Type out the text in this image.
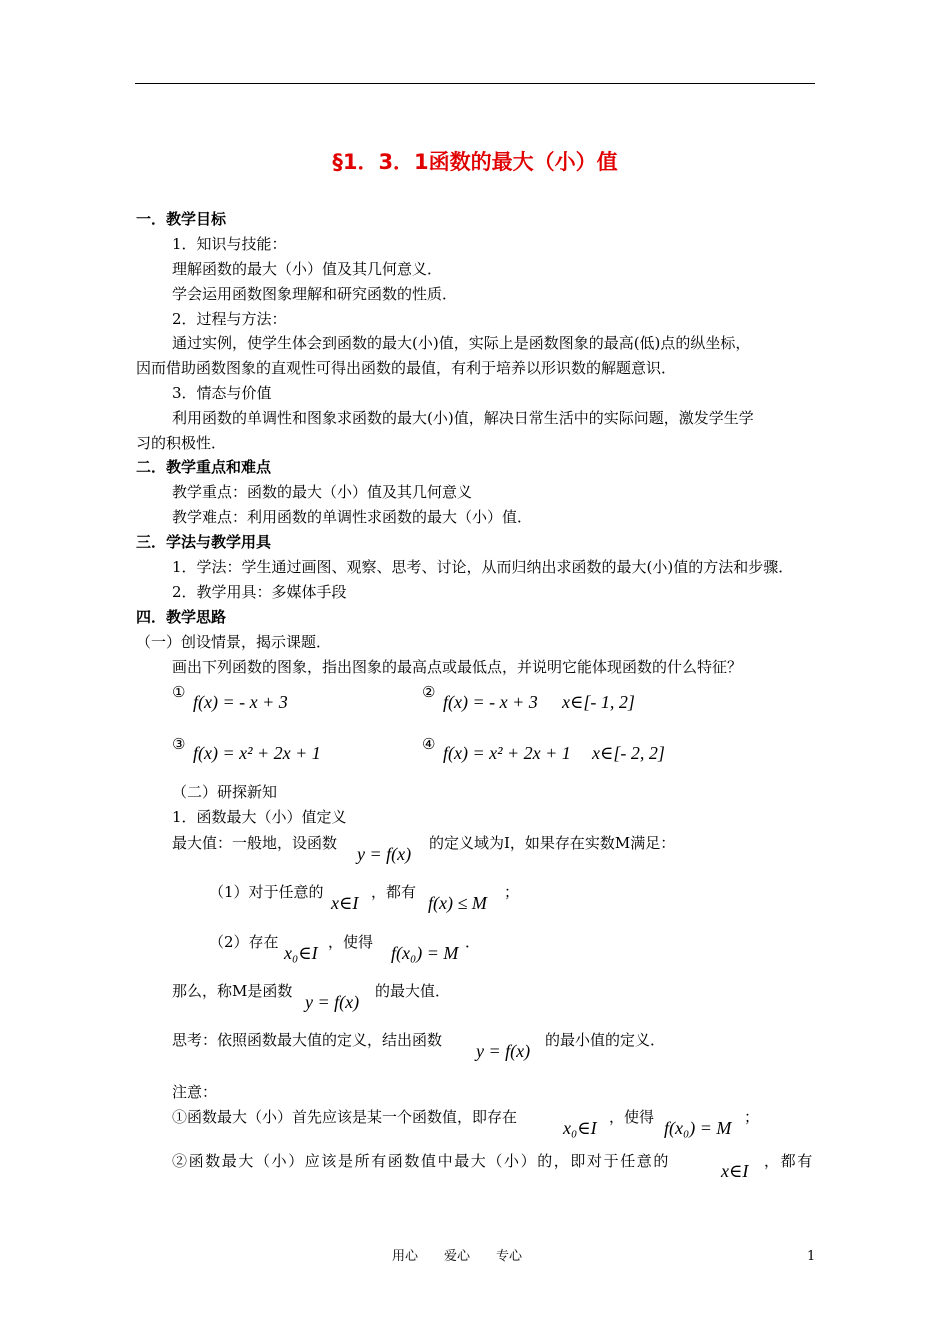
§1．3．1函数的最大（小）值
一．教学目标
1．知识与技能：
理解函数的最大（小）值及其几何意义．
学会运用函数图象理解和研究函数的性质．
2．过程与方法：
通过实例，使学生体会到函数的最大(小)值，实际上是函数图象的最高(低)点的纵坐标，
因而借助函数图象的直观性可得出函数的最值，有利于培养以形识数的解题意识．
3．情态与价值
利用函数的单调性和图象求函数的最大(小)值，解决日常生活中的实际问题，激发学生学
习的积极性．
二．教学重点和难点
教学重点：函数的最大（小）值及其几何意义
教学难点：利用函数的单调性求函数的最大（小）值．
三．学法与教学用具
1．学法：学生通过画图、观察、思考、讨论，从而归纳出求函数的最大(小)值的方法和步骤．
2．教学用具：多媒体手段
四．教学思路
（一）创设情景，揭示课题．
画出下列函数的图象，指出图象的最高点或最低点，并说明它能体现函数的什么特征？
① f(x) = - x + 3	② f(x) = - x + 3 x∈[- 1, 2]
③ f(x) = x² + 2x + 1	④ f(x) = x² + 2x + 1 x∈[- 2, 2]
（二）研探新知
1．函数最大（小）值定义
最大值：一般地，设函数
y = f(x)
的定义域为I，如果存在实数M满足：
（1）对于任意的
x∈I
，都有
f(x) ≤ M
；
（2）存在
x₀∈I
，使得
f(x₀) = M
．
那么，称M是函数
y = f(x)
的最大值．
思考：依照函数最大值的定义，结出函数
y = f(x)
的最小值的定义．
注意：
①函数最大（小）首先应该是某一个函数值，即存在
x₀∈I
，使得
f(x₀) = M
；
②函数最大（小）应该是所有函数值中最大（小）的，即对于任意的	x∈I ，都有
用心　　爱心　　专心	1
